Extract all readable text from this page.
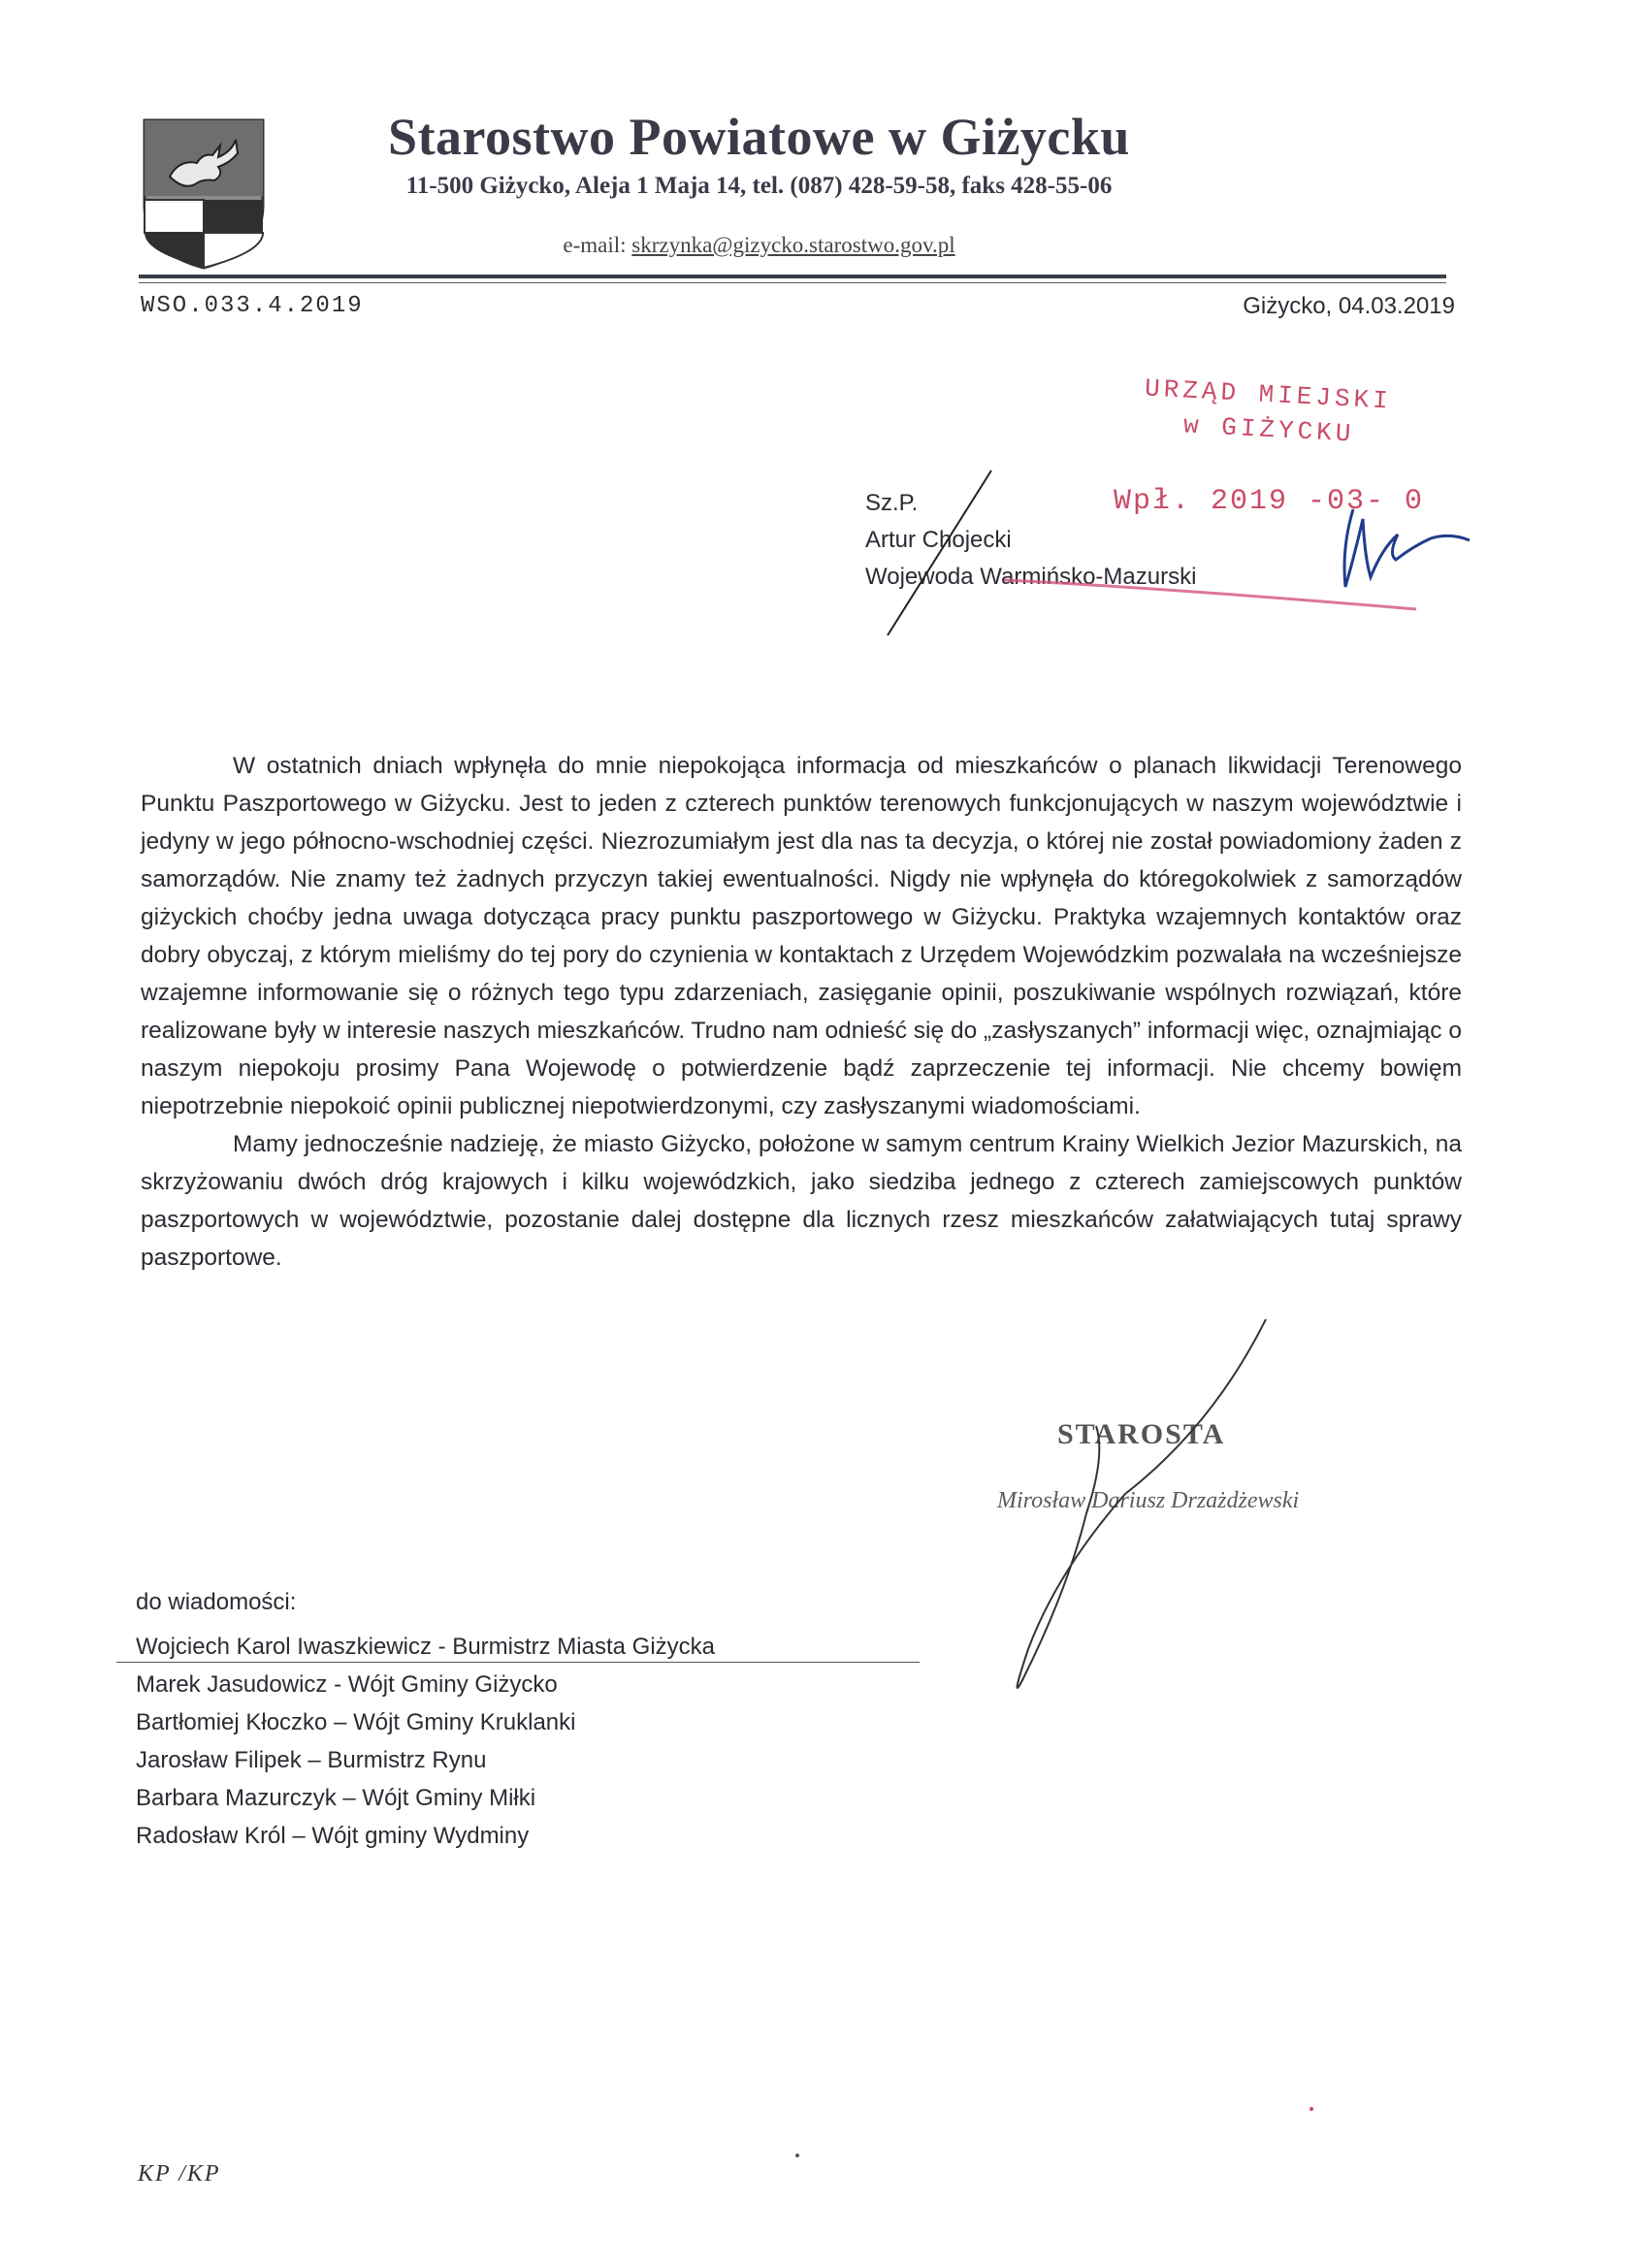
Starostwo Powiatowe w Giżycku
11-500 Giżycko, Aleja 1 Maja 14, tel. (087) 428-59-58, faks 428-55-06
e-mail: skrzynka@gizycko.starostwo.gov.pl
WSO.033.4.2019	Giżycko, 04.03.2019
URZĄD MIEJSKI
w GIŻYCKU
Wpł. 2019 -03- 0
Sz.P.
Artur Chojecki
Wojewoda Warmińsko-Mazurski

W ostatnich dniach wpłynęła do mnie niepokojąca informacja od mieszkańców o planach likwidacji Terenowego Punktu Paszportowego w Giżycku. Jest to jeden z czterech punktów terenowych funkcjonujących w naszym województwie i jedyny w jego północno-wschodniej części. Niezrozumiałym jest dla nas ta decyzja, o której nie został powiadomiony żaden z samorządów. Nie znamy też żadnych przyczyn takiej ewentualności. Nigdy nie wpłynęła do któregokolwiek z samorządów giżyckich choćby jedna uwaga dotycząca pracy punktu paszportowego w Giżycku. Praktyka wzajemnych kontaktów oraz dobry obyczaj, z którym mieliśmy do tej pory do czynienia w kontaktach z Urzędem Wojewódzkim pozwalała na wcześniejsze wzajemne informowanie się o różnych tego typu zdarzeniach, zasięganie opinii, poszukiwanie wspólnych rozwiązań, które realizowane były w interesie naszych mieszkańców. Trudno nam odnieść się do „zasłyszanych” informacji więc, oznajmiając o naszym niepokoju prosimy Pana Wojewodę o potwierdzenie bądź zaprzeczenie tej informacji. Nie chcemy bowięm niepotrzebnie niepokoić opinii publicznej niepotwierdzonymi, czy zasłyszanymi wiadomościami.

Mamy jednocześnie nadzieję, że miasto Giżycko, położone w samym centrum Krainy Wielkich Jezior Mazurskich, na skrzyżowaniu dwóch dróg krajowych i kilku wojewódzkich, jako siedziba jednego z czterech zamiejscowych punktów paszportowych w województwie, pozostanie dalej dostępne dla licznych rzesz mieszkańców załatwiających tutaj sprawy paszportowe.

STAROSTA
Mirosław Dariusz Drzażdżewski
do wiadomości:
Wojciech Karol Iwaszkiewicz - Burmistrz Miasta Giżycka
Marek Jasudowicz - Wójt Gminy Giżycko
Bartłomiej Kłoczko – Wójt Gminy Kruklanki
Jarosław Filipek – Burmistrz Rynu
Barbara Mazurczyk – Wójt Gminy Miłki
Radosław Król – Wójt gminy Wydminy
KP /KP
